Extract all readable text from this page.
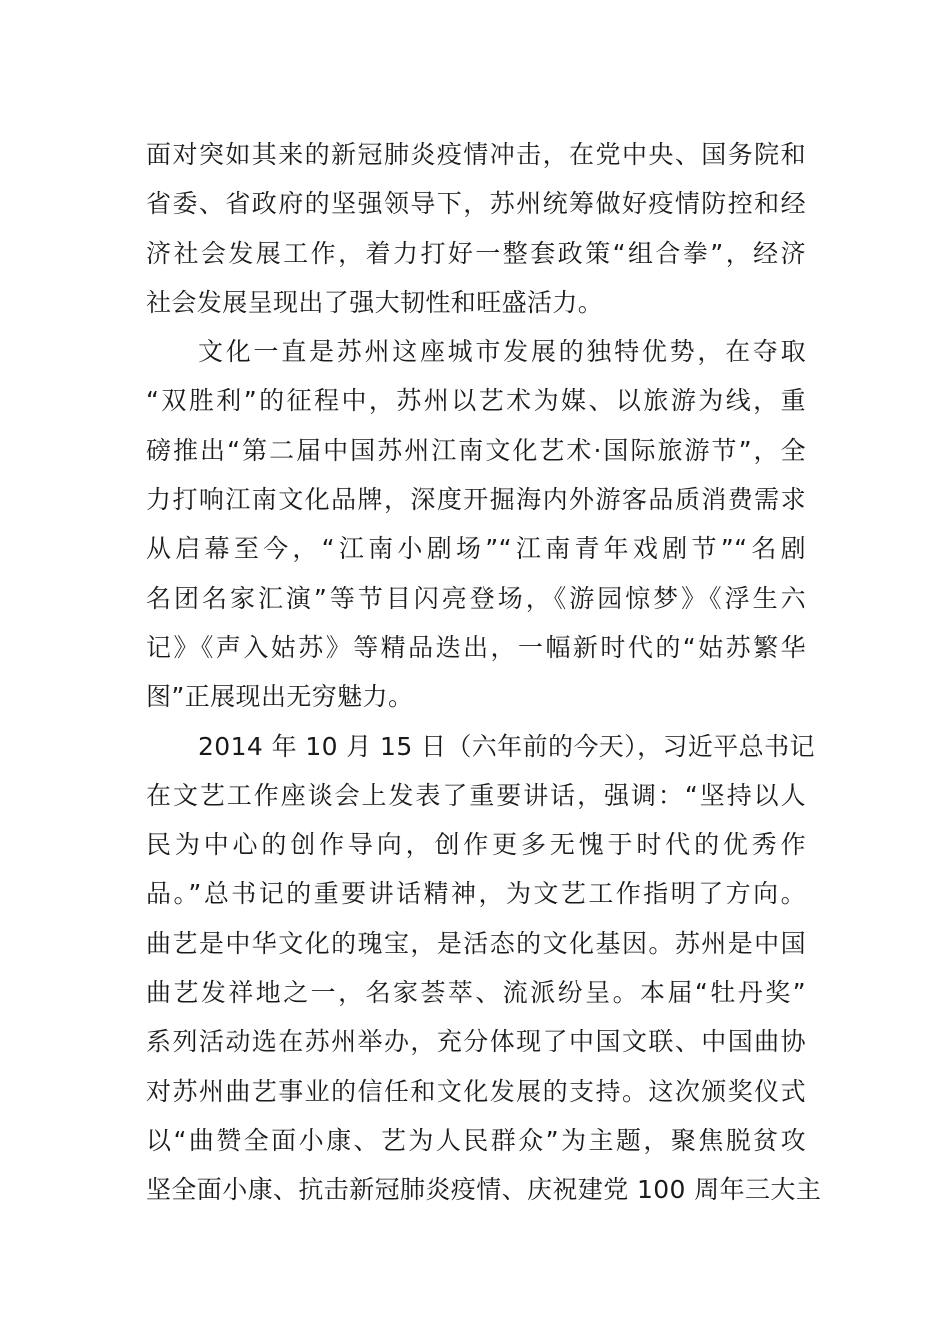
面对突如其来的新冠肺炎疫情冲击，在党中央、国务院和
省委、省政府的坚强领导下，苏州统筹做好疫情防控和经
济社会发展工作，着力打好一整套政策“组合拳”，经济
社会发展呈现出了强大韧性和旺盛活力。
文化一直是苏州这座城市发展的独特优势，在夺取
“双胜利”的征程中，苏州以艺术为媒、以旅游为线，重
磅推出“第二届中国苏州江南文化艺术·国际旅游节”，全
力打响江南文化品牌，深度开掘海内外游客品质消费需求
从启幕至今，“江南小剧场”“江南青年戏剧节”“名剧
名团名家汇演”等节目闪亮登场，《游园惊梦》《浮生六
记》《声入姑苏》等精品迭出，一幅新时代的“姑苏繁华
图”正展现出无穷魅力。
2014 年 10 月 15 日（六年前的今天），习近平总书记
在文艺工作座谈会上发表了重要讲话，强调：“坚持以人
民为中心的创作导向，创作更多无愧于时代的优秀作
品。”总书记的重要讲话精神，为文艺工作指明了方向。
曲艺是中华文化的瑰宝，是活态的文化基因。苏州是中国
曲艺发祥地之一，名家荟萃、流派纷呈。本届“牡丹奖”
系列活动选在苏州举办，充分体现了中国文联、中国曲协
对苏州曲艺事业的信任和文化发展的支持。这次颁奖仪式
以“曲赞全面小康、艺为人民群众”为主题，聚焦脱贫攻
坚全面小康、抗击新冠肺炎疫情、庆祝建党 100 周年三大主
